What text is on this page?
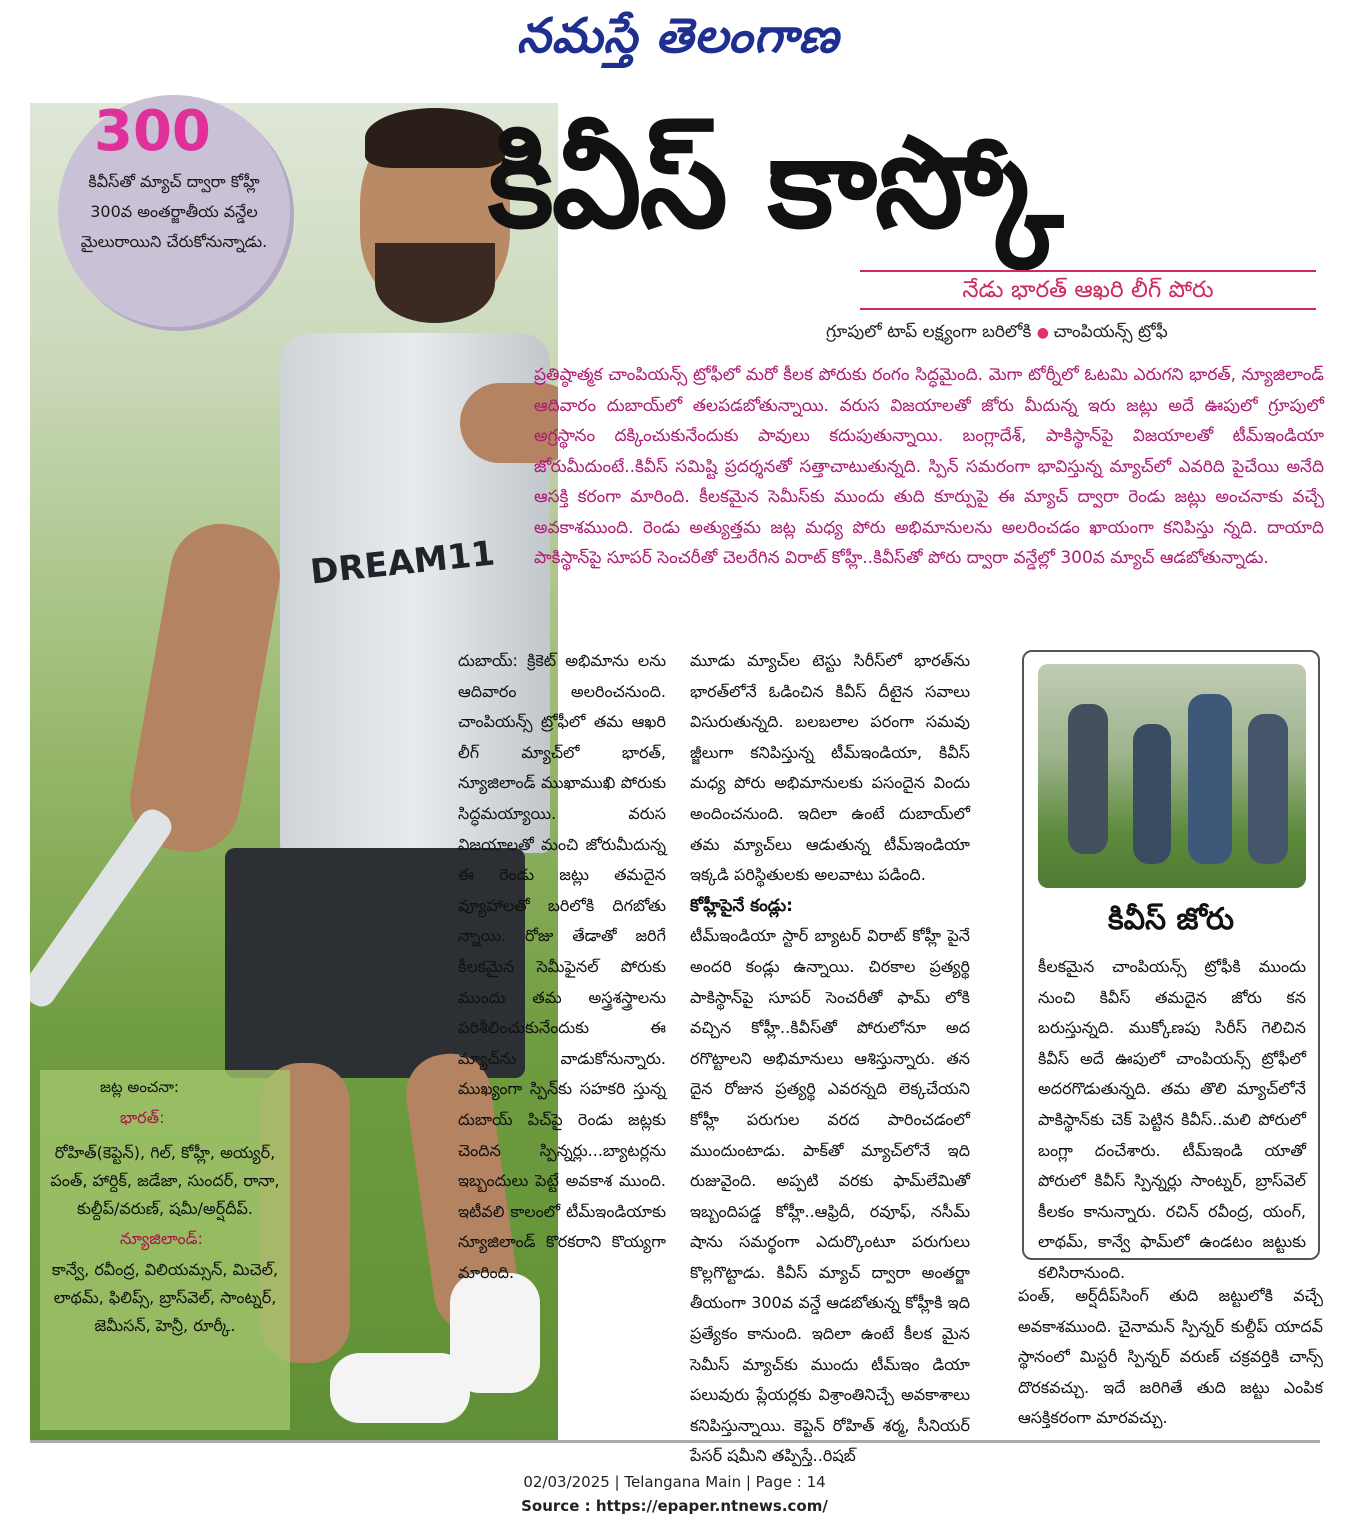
నమస్తే తెలంగాణ
DREAM11
300
కివీస్‌తో మ్యాచ్ ద్వారా కోహ్లీ 300వ అంతర్జాతీయ వన్డేల మైలురాయిని చేరుకోనున్నాడు. కివీస్ కాస్కో
నేడు భారత్ ఆఖరి లీగ్ పోరు
గ్రూపులో టాప్ లక్ష్యంగా బరిలోకి ● చాంపియన్స్ ట్రోఫీ

ప్రతిష్ఠాత్మక చాంపియన్స్ ట్రోఫీలో మరో కీలక పోరుకు రంగం సిద్ధమైంది. మెగా టోర్నీలో ఓటమి ఎరుగని భారత్, న్యూజిలాండ్ ఆదివారం దుబాయ్‌లో తలపడబోతున్నాయి. వరుస విజయాలతో జోరు మీదున్న ఇరు జట్లు అదే ఊపులో గ్రూపులో అగ్రస్థానం దక్కించుకునేందుకు పావులు కదుపుతున్నాయి. బంగ్లాదేశ్, పాకిస్థాన్‌పై విజయాలతో టీమ్ఇండియా జోరుమీదుంటే..కివీస్ సమిష్టి ప్రదర్శనతో సత్తాచాటుతున్నది. స్పిన్ సమరంగా భావిస్తున్న మ్యాచ్‌లో ఎవరిది పైచేయి అనేది ఆసక్తి కరంగా మారింది. కీలకమైన సెమీస్‌కు ముందు తుది కూర్పుపై ఈ మ్యాచ్ ద్వారా రెండు జట్లు అంచనాకు వచ్చే అవకాశముంది. రెండు అత్యుత్తమ జట్ల మధ్య పోరు అభిమానులను అలరించడం ఖాయంగా కనిపిస్తు న్నది. దాయాది పాకిస్థాన్‌పై సూపర్ సెంచరీతో చెలరేగిన విరాట్ కోహ్లీ..కివీస్‌తో పోరు ద్వారా వన్డేల్లో 300వ మ్యాచ్ ఆడబోతున్నాడు.

దుబాయ్: క్రికెట్ అభిమాను లను ఆదివారం అలరించనుంది. చాంపియన్స్ ట్రోఫీలో తమ ఆఖరి లీగ్ మ్యాచ్‌లో భారత్, న్యూజిలాండ్ ముఖాముఖి పోరుకు సిద్ధమయ్యాయి. వరుస విజయాలతో మంచి జోరుమీదున్న ఈ రెండు జట్లు తమదైన వ్యూహాలతో బరిలోకి దిగబోతు న్నాయి. రోజు తేడాతో జరిగే కీలకమైన సెమీఫైనల్ పోరుకు ముందు తమ అస్త్రశస్త్రాలను పరిశీలించుకునేందుకు ఈ మ్యాచ్‌ను వాడుకోనున్నారు. ముఖ్యంగా స్పిన్‌కు సహకరి స్తున్న దుబాయ్ పిచ్‌పై రెండు జట్లకు చెందిన స్పిన్నర్లు...బ్యాటర్లను ఇబ్బందులు పెట్టే అవకాశ ముంది. ఇటీవలి కాలంలో టీమ్ఇండియాకు న్యూజిలాండ్ కొరకరాని కొయ్యగా మారింది.

మూడు మ్యాచ్‌ల టెస్టు సిరీస్‌లో భారత్‌ను భారత్‌లోనే ఓడించిన కివీస్ దీటైన సవాలు విసురుతున్నది. బలబలాల పరంగా సమవు జ్జీలుగా కనిపిస్తున్న టీమ్ఇండియా, కివీస్ మధ్య పోరు అభిమానులకు పసందైన విందు అందించనుంది. ఇదిలా ఉంటే దుబాయ్‌లో తమ మ్యాచ్‌లు ఆడుతున్న టీమ్ఇండియా ఇక్కడి పరిస్థితులకు అలవాటు పడింది.

కోహ్లీపైనే కండ్లు:

టీమ్ఇండియా స్టార్ బ్యాటర్ విరాట్ కోహ్లీ పైనే అందరి కండ్లు ఉన్నాయి. చిరకాల ప్రత్యర్థి పాకిస్థాన్‌పై సూపర్ సెంచరీతో ఫామ్ లోకి వచ్చిన కోహ్లీ..కివీస్‌తో పోరులోనూ అద రగొట్టాలని అభిమానులు ఆశిస్తున్నారు. తన దైన రోజున ప్రత్యర్థి ఎవరన్నది లెక్కచేయని కోహ్లీ పరుగుల వరద పారించడంలో ముందుంటాడు. పాక్‌తో మ్యాచ్‌లోనే ఇది రుజువైంది. అప్పటి వరకు ఫామ్‌లేమితో ఇబ్బందిపడ్డ కోహ్లీ..ఆఫ్రిదీ, రవూఫ్, నసీమ్ షాను సమర్థంగా ఎదుర్కొంటూ పరుగులు కొల్లగొట్టాడు. కివీస్ మ్యాచ్ ద్వారా అంతర్జా తీయంగా 300వ వన్డే ఆడబోతున్న కోహ్లీకి ఇది ప్రత్యేకం కానుంది. ఇదిలా ఉంటే కీలక మైన సెమీస్ మ్యాచ్‌కు ముందు టీమ్ఇం డియా పలువురు ప్లేయర్లకు విశ్రాంతినిచ్చే అవకాశాలు కనిపిస్తున్నాయి. కెప్టెన్ రోహిత్ శర్మ, సీనియర్ పేసర్ షమీని తప్పిస్తే..రిషబ్

కివీస్ జోరు
కీలకమైన చాంపియన్స్ ట్రోఫీకి ముందు నుంచి కివీస్ తమదైన జోరు కన బరుస్తున్నది. ముక్కోణపు సిరీస్ గెలిచిన కివీస్ అదే ఊపులో చాంపియన్స్ ట్రోఫీలో అదరగొడుతున్నది. తమ తొలి మ్యాచ్‌లోనే పాకిస్థాన్‌కు చెక్ పెట్టిన కివీస్..మలి పోరులో బంగ్లా దంచేశారు. టీమ్ఇండి యాతో పోరులో కివీస్ స్పిన్నర్లు సాంట్నర్, బ్రాస్‌వెల్ కీలకం కానున్నారు. రచిన్ రవీంద్ర, యంగ్, లాథమ్, కాన్వే ఫామ్‌లో ఉండటం జట్టుకు కలిసిరానుంది.

పంత్, అర్ష్‌దీప్‌సింగ్ తుది జట్టులోకి వచ్చే అవకాశముంది. చైనామన్ స్పిన్నర్ కుల్దీప్ యాదవ్ స్థానంలో మిస్టరీ స్పిన్నర్ వరుణ్ చక్రవర్తికి చాన్స్ దొరకవచ్చు. ఇదే జరిగితే తుది జట్టు ఎంపిక ఆసక్తికరంగా మారవచ్చు.

జట్ల అంచనా:
భారత్:
రోహిత్(కెప్టెన్), గిల్, కోహ్లీ, అయ్యర్, పంత్, హార్దిక్, జడేజా, సుందర్, రానా, కుల్దీప్/వరుణ్, షమీ/అర్ష్‌దీప్.
న్యూజిలాండ్:
కాన్వే, రవీంద్ర, విలియమ్సన్, మిచెల్, లాథమ్, ఫిలిప్స్, బ్రాస్‌వెల్, సాంట్నర్, జెమీసన్, హెన్రీ, రూర్కీ.
02/03/2025 | Telangana Main | Page : 14
Source : https://epaper.ntnews.com/
